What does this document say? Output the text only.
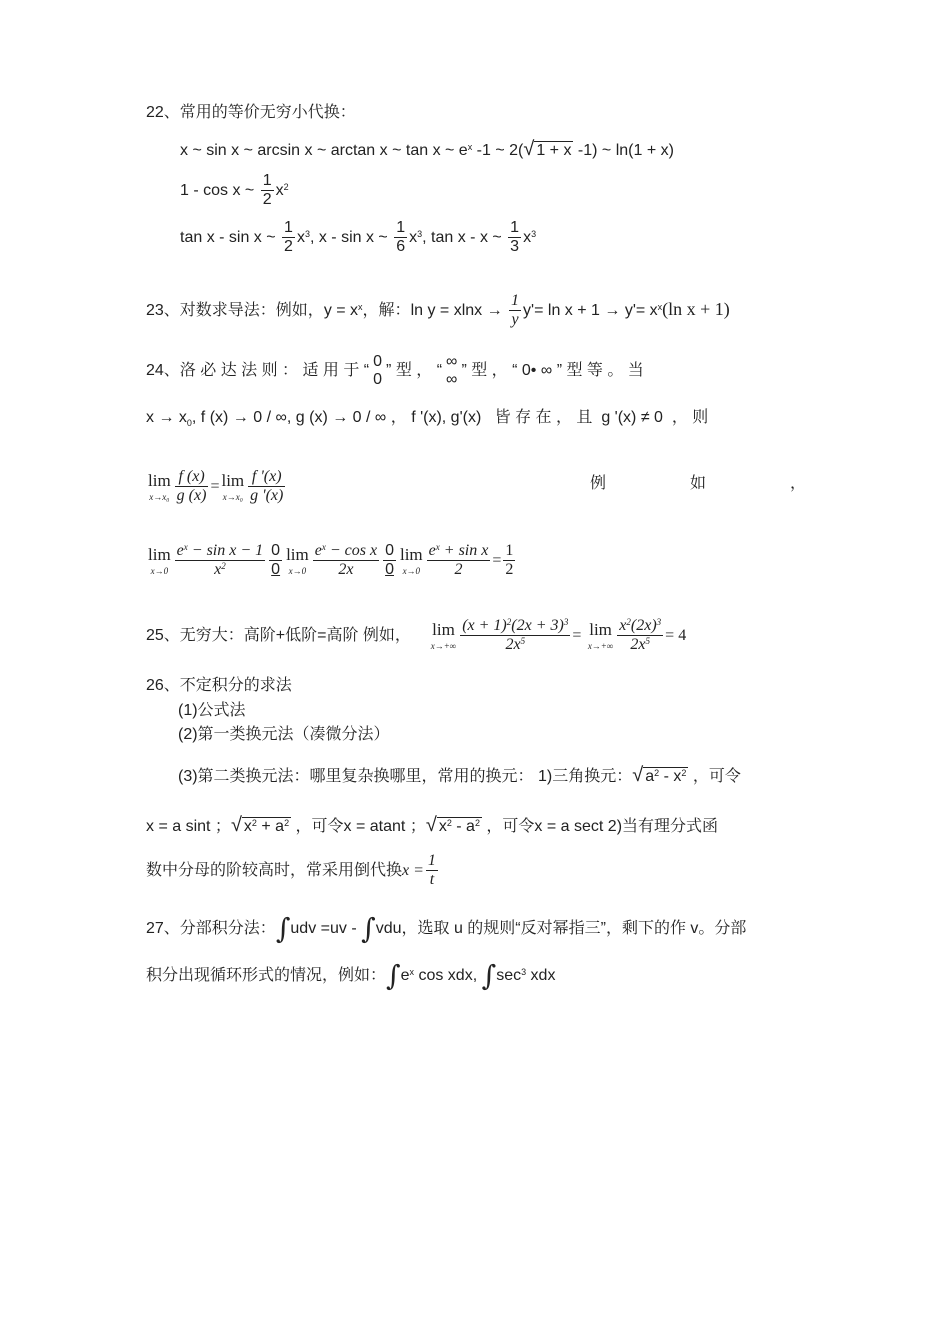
22、常用的等价无穷小代换：
x ~ sin x ~ arcsin x ~ arctan x ~ tan x ~ $e^x$ -1 ~ 2(√ 1 + x -1) ~ ln(1 + x)
1 - cos x ~ $\frac{1}{2} x^2$
tan x - sin x ~ $\frac{1}{2} x^3$, x - sin x ~ $\frac{1}{6} x^3$, tan x - x ~ $\frac{1}{3} x^3$
23、对数求导法：例如，$y = x^x$，解：$\ln y = xlnx \to \frac{1}{y} y'= \ln x + 1 \to y'= x^x(\ln$ x + 1)
24、洛 必 达 法 则 ： 适 用 于 “
0
0
” 型 ， “
∞
∞
” 型 ， “ 0• ∞ ” 型 等 。 当
$x \to x_0$, f (x) → 0 / ∞, g (x) → 0 / ∞ ， f '(x), g'(x) 皆 存 在 ， 且 g '(x) ≠ 0 ， 则
lim
$x\to x_0 \frac{f (x)}{g (x)} = \lim$
$x\to x_0 \frac{f '(x)}{g '(x)}$	例	如	，
lim
$x\to 0 \frac{e^x - \sin x - 1}{x^2} \frac{0}{0}$ lim
$x\to 0 \frac{e^x - \cos x}{2x} \frac{0}{0}$ lim
$x\to 0 \frac{e^x + \sin x}{2} = \frac{1}{2}$
25、无穷大：高阶+低阶=高阶 例如， lim
$x\to+\infty \frac{(x + 1)^2(2x + 3)^3}{2x^5} = \lim$
$x\to+\infty \frac{x^2(2x)^3}{2x^5} = 4$
26、不定积分的求法
(1)公式法
(2)第一类换元法（凑微分法）
(3)第二类换元法：哪里复杂换哪里，常用的换元： 1)三角换元：√ $a^2 - x^2$ ，可令
x = a sint ；√ $x^2 + a^2$ ，可令x = atant ；√ $x^2 - a^2$ ，可令x = a sect 2)当有理分式函
数中分母的阶较高时，常采用倒代换$x = \frac{1}{t}$
27、分部积分法：∫udv =uv - ∫vdu，选取 u 的规则“反对幂指三”，剩下的作 v。分部
积分出现循环形式的情况，例如：$\int e^x$ cos xdx, $\int\sec^3$ xdx
